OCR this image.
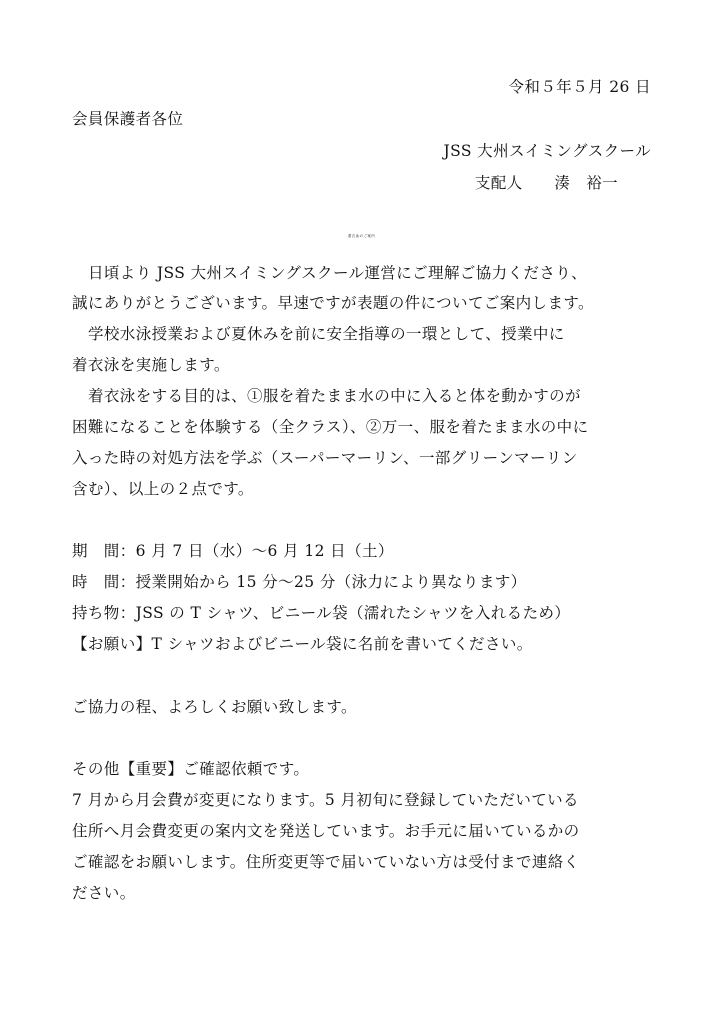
令和５年５月 26 日
会員保護者各位
JSS 大州スイミングスクール
支配人　　湊　裕一
着衣泳のご案内
日頃より JSS 大州スイミングスクール運営にご理解ご協力くださり、
誠にありがとうございます。早速ですが表題の件についてご案内します。
学校水泳授業および夏休みを前に安全指導の一環として、授業中に
着衣泳を実施します。
着衣泳をする目的は、①服を着たまま水の中に入ると体を動かすのが
困難になることを体験する（全クラス）、②万一、服を着たまま水の中に
入った時の対処方法を学ぶ（スーパーマーリン、一部グリーンマーリン
含む）、以上の２点です。
期　間：6 月 7 日（水）～6 月 12 日（土）
時　間：授業開始から 15 分～25 分（泳力により異なります）
持ち物：JSS の T シャツ、ビニール袋（濡れたシャツを入れるため）
【お願い】T シャツおよびビニール袋に名前を書いてください。
ご協力の程、よろしくお願い致します。
その他【重要】ご確認依頼です。
7 月から月会費が変更になります。5 月初旬に登録していただいている
住所へ月会費変更の案内文を発送しています。お手元に届いているかの
ご確認をお願いします。住所変更等で届いていない方は受付まで連絡く
ださい。
